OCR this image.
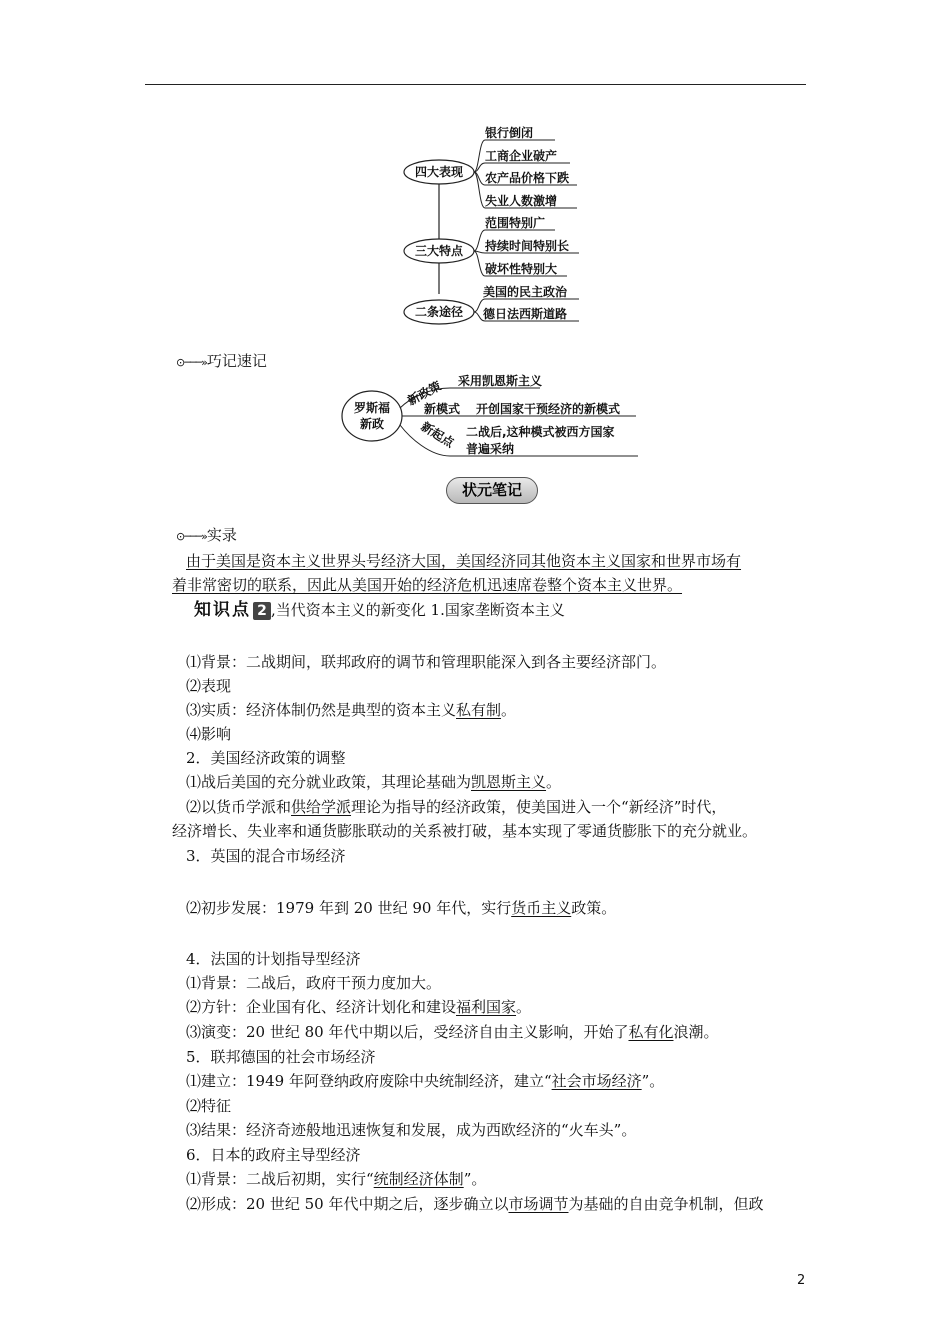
四大表现
三大特点
二条途径
银行倒闭
工商企业破产
农产品价格下跌
失业人数激增
范围特别广
持续时间特别长
破坏性特别大
美国的民主政治
德日法西斯道路
⊙───»巧记速记
罗斯福
新政
新政策 采用凯恩斯主义
新模式 开创国家干预经济的新模式
新起点 二战后,这种模式被西方国家
普遍采纳
状元笔记
⊙───»实录
由于美国是资本主义世界头号经济大国，美国经济同其他资本主义国家和世界市场有
着非常密切的联系，因此从美国开始的经济危机迅速席卷整个资本主义世界。
知识点 2 ,当代资本主义的新变化 1.国家垄断资本主义
⑴背景：二战期间，联邦政府的调节和管理职能深入到各主要经济部门。
⑵表现
⑶实质：经济体制仍然是典型的资本主义私有制。
⑷影响
2．美国经济政策的调整
⑴战后美国的充分就业政策，其理论基础为凯恩斯主义。
⑵以货币学派和供给学派理论为指导的经济政策，使美国进入一个“新经济”时代，
经济增长、失业率和通货膨胀联动的关系被打破，基本实现了零通货膨胀下的充分就业。
3．英国的混合市场经济
⑵初步发展：1979 年到 20 世纪 90 年代，实行货币主义政策。
4．法国的计划指导型经济
⑴背景：二战后，政府干预力度加大。
⑵方针：企业国有化、经济计划化和建设福利国家。
⑶演变：20 世纪 80 年代中期以后，受经济自由主义影响，开始了私有化浪潮。
5．联邦德国的社会市场经济
⑴建立：1949 年阿登纳政府废除中央统制经济，建立“社会市场经济”。
⑵特征
⑶结果：经济奇迹般地迅速恢复和发展，成为西欧经济的“火车头”。
6．日本的政府主导型经济
⑴背景：二战后初期，实行“统制经济体制”。
⑵形成：20 世纪 50 年代中期之后，逐步确立以市场调节为基础的自由竞争机制，但政
2
